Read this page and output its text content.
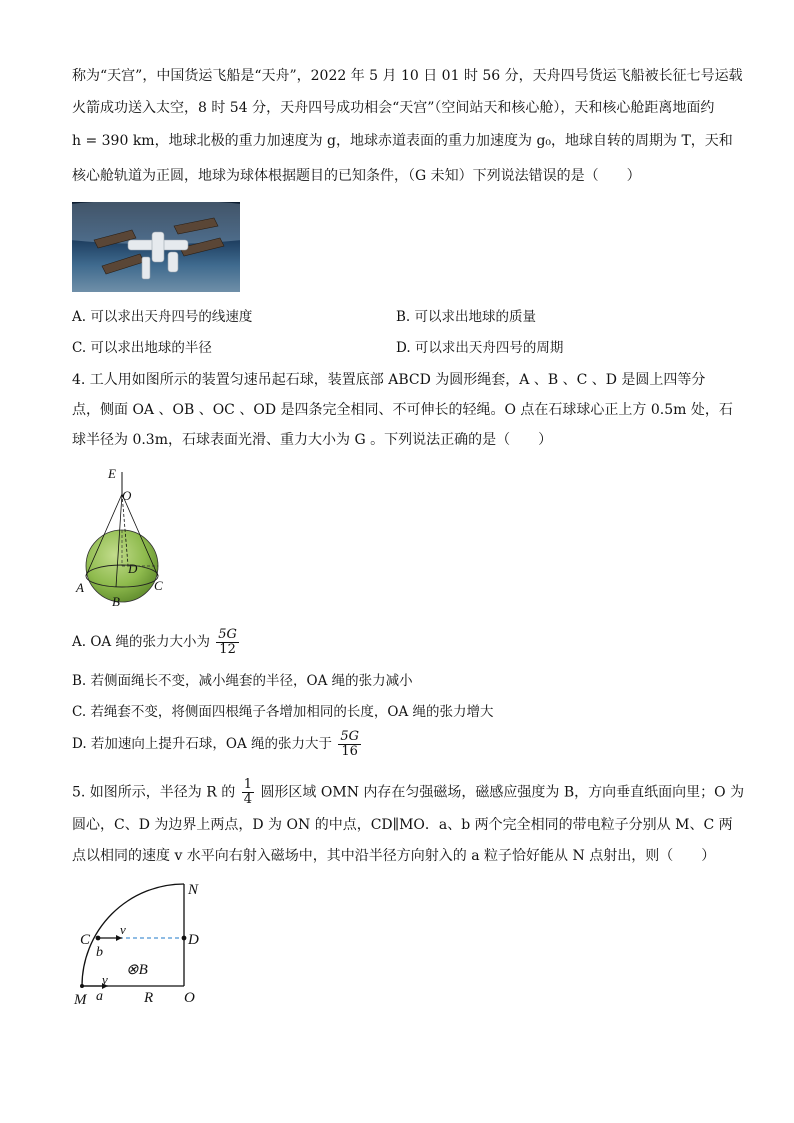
称为“天宫”，中国货运飞船是“天舟”，2022 年 5 月 10 日 01 时 56 分，天舟四号货运飞船被长征七号运载
火箭成功送入太空，8 时 54 分，天舟四号成功相会“天宫”（空间站天和核心舱），天和核心舱距离地面约
h = 390 km，地球北极的重力加速度为 g，地球赤道表面的重力加速度为 g₀，地球自转的周期为 T，天和
核心舱轨道为正圆，地球为球体根据题目的已知条件，（G 未知）下列说法错误的是（　　）
A. 可以求出天舟四号的线速度	B. 可以求出地球的质量
C. 可以求出地球的半径	D. 可以求出天舟四号的周期
4. 工人用如图所示的装置匀速吊起石球，装置底部 ABCD 为圆形绳套，A 、B 、C 、D 是圆上四等分
点，侧面 OA 、OB 、OC 、OD 是四条完全相同、不可伸长的轻绳。O 点在石球球心正上方 0.5m 处，石
球半径为 0.3m，石球表面光滑、重力大小为 G 。下列说法正确的是（　　）
E
O
D
A	C
B
A. OA 绳的张力大小为 $\frac{5G}{12}$
B. 若侧面绳长不变，减小绳套的半径，OA 绳的张力减小
C. 若绳套不变，将侧面四根绳子各增加相同的长度，OA 绳的张力增大
D. 若加速向上提升石球，OA 绳的张力大于 $\frac{5G}{16}$
5. 如图所示，半径为 R 的 $\frac{1}{4}$ 圆形区域 OMN 内存在匀强磁场，磁感应强度为 B，方向垂直纸面向里；O 为
圆心，C、D 为边界上两点，D 为 ON 的中点，CD∥MO．a、b 两个完全相同的带电粒子分别从 M、C 两
点以相同的速度 v 水平向右射入磁场中，其中沿半径方向射入的 a 粒子恰好能从 N 点射出，则（　　）
N
C	D
v
b
⊗B
v
M a	R O
